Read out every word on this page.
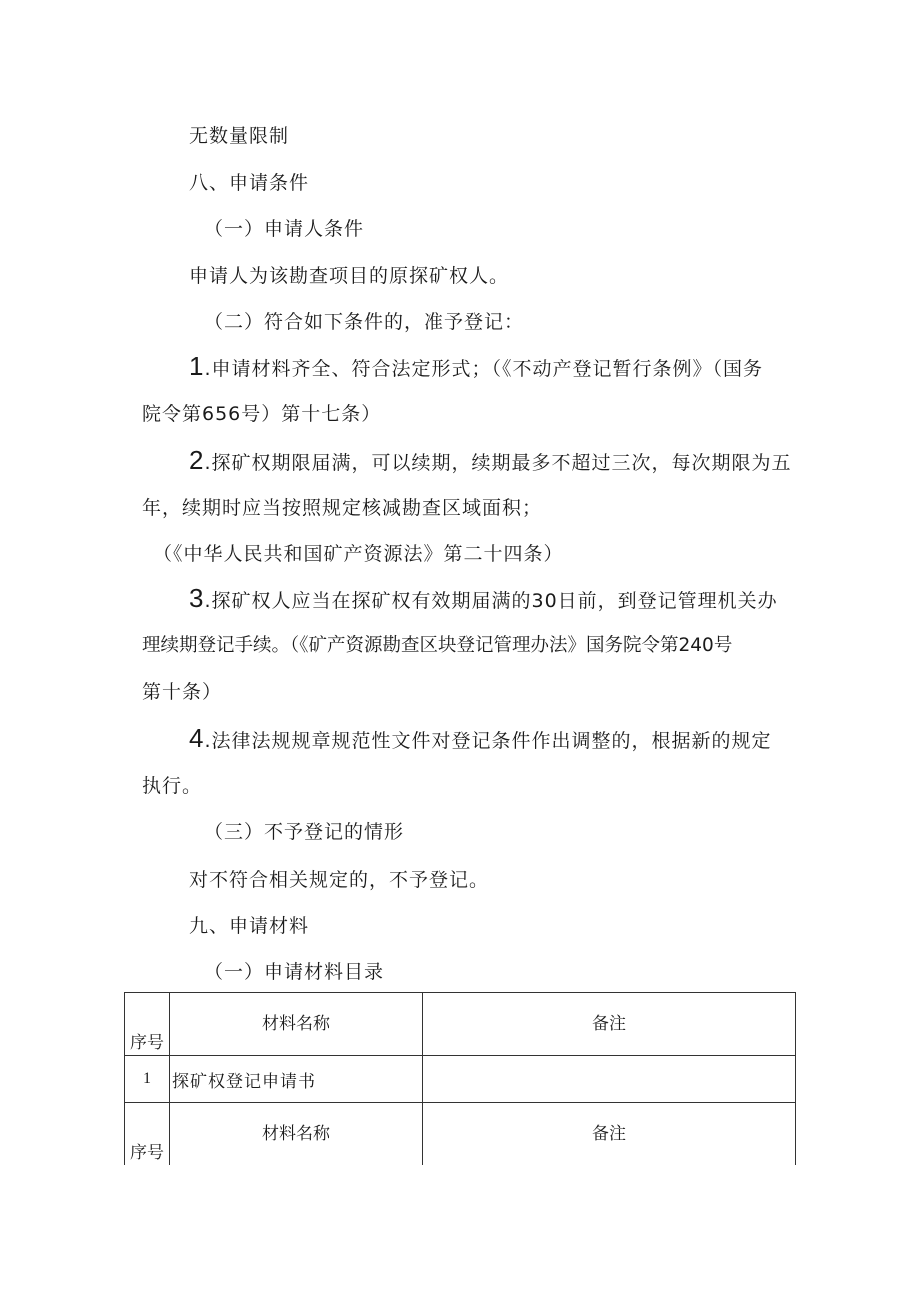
无数量限制
八、申请条件
（一）申请人条件
申请人为该勘查项目的原探矿权人。
（二）符合如下条件的，准予登记：
1.申请材料齐全、符合法定形式；（《不动产登记暂行条例》（国务
院令第656号）第十七条）
2.探矿权期限届满，可以续期，续期最多不超过三次，每次期限为五
年，续期时应当按照规定核减勘查区域面积；
（《中华人民共和国矿产资源法》第二十四条）
3.探矿权人应当在探矿权有效期届满的30日前，到登记管理机关办
理续期登记手续。（《矿产资源勘查区块登记管理办法》国务院令第240号
第十条）
4.法律法规规章规范性文件对登记条件作出调整的，根据新的规定
执行。
（三）不予登记的情形
对不符合相关规定的，不予登记。
九、申请材料
（一）申请材料目录
序号	材料名称	备注
1	探矿权登记申请书	
序号	材料名称	备注
